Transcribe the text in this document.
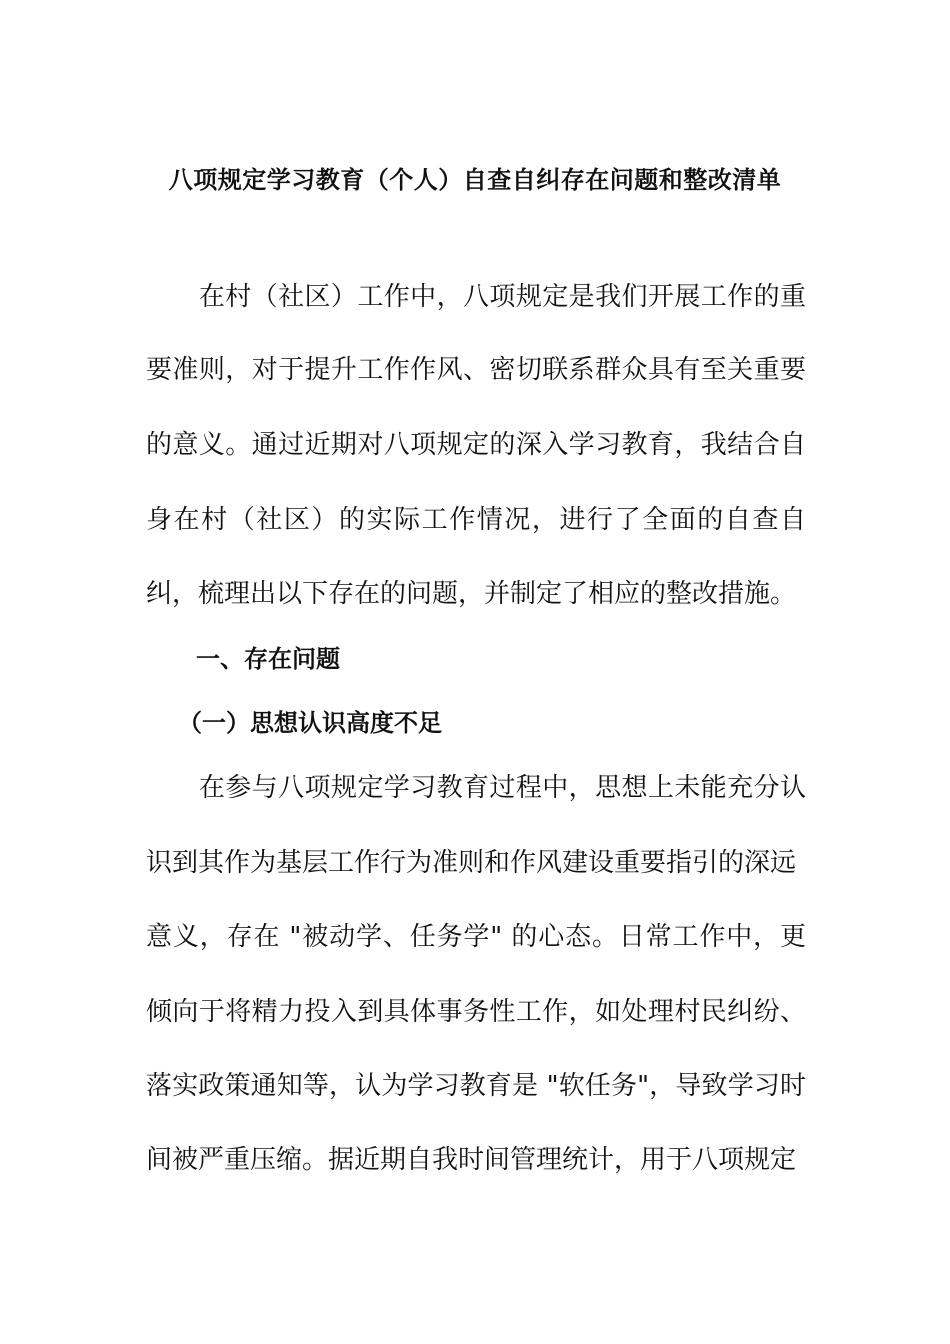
八项规定学习教育（个人）自查自纠存在问题和整改清单
　　在村（社区）工作中，八项规定是我们开展工作的重
要准则，对于提升工作作风、密切联系群众具有至关重要
的意义。通过近期对八项规定的深入学习教育，我结合自
身在村（社区）的实际工作情况，进行了全面的自查自
纠，梳理出以下存在的问题，并制定了相应的整改措施。
一、存在问题
（一）思想认识高度不足
　　在参与八项规定学习教育过程中，思想上未能充分认
识到其作为基层工作行为准则和作风建设重要指引的深远
意义，存在 "被动学、任务学" 的心态。日常工作中，更
倾向于将精力投入到具体事务性工作，如处理村民纠纷、
落实政策通知等，认为学习教育是 "软任务"，导致学习时
间被严重压缩。据近期自我时间管理统计，用于八项规定
